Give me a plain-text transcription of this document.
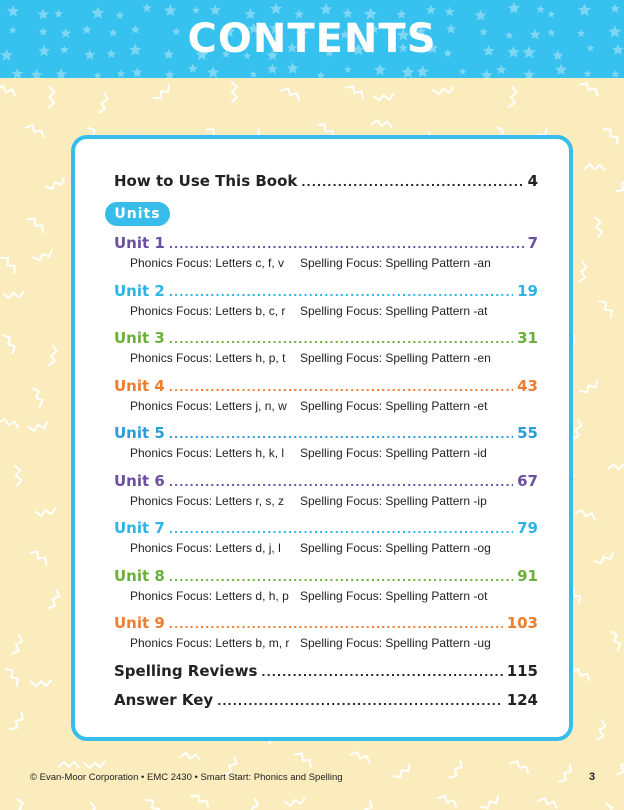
CONTENTS
How to Use This Book .....	4
Units
Unit 1 .....	7
Phonics Focus: Letters c, f, v Spelling Focus: Spelling Pattern -an
Unit 2 .....	19
Phonics Focus: Letters b, c, r Spelling Focus: Spelling Pattern -at
Unit 3 .....	31
Phonics Focus: Letters h, p, t Spelling Focus: Spelling Pattern -en
Unit 4 .....	43
Phonics Focus: Letters j, n, w Spelling Focus: Spelling Pattern -et
Unit 5 .....	55
Phonics Focus: Letters h, k, l Spelling Focus: Spelling Pattern -id
Unit 6 .....	67
Phonics Focus: Letters r, s, z Spelling Focus: Spelling Pattern -ip
Unit 7 .....	79
Phonics Focus: Letters d, j, l Spelling Focus: Spelling Pattern -og
Unit 8 .....	91
Phonics Focus: Letters d, h, p Spelling Focus: Spelling Pattern -ot
Unit 9 .....	103
Phonics Focus: Letters b, m, r Spelling Focus: Spelling Pattern -ug
Spelling Reviews .....	115
Answer Key .....	124
© Evan-Moor Corporation • EMC 2430 • Smart Start: Phonics and Spelling	3
